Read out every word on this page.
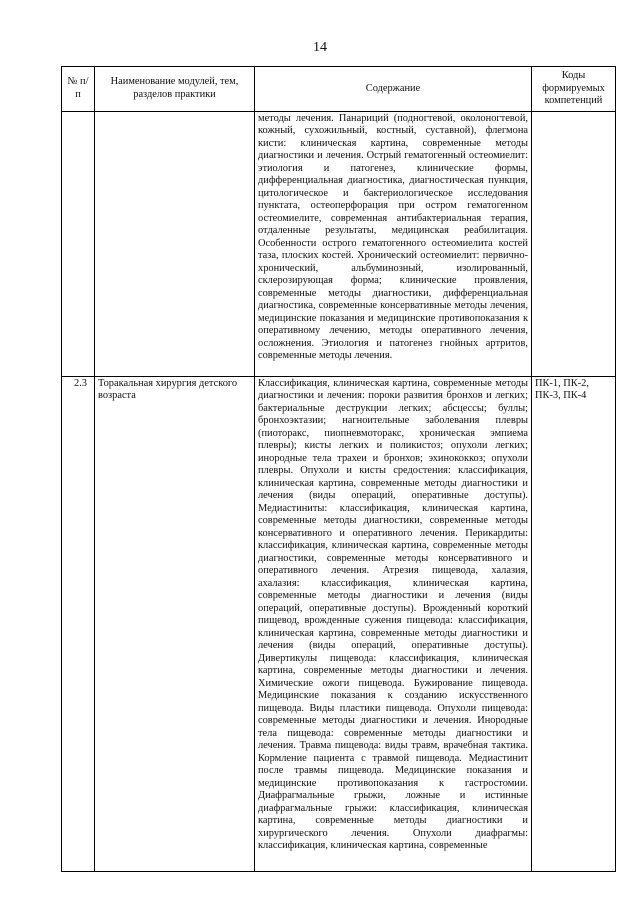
14
№ п/п	Наименование модулей, тем, разделов практики	Содержание	Коды формируемых компетенций
		методы лечения. Панариций (подногтевой, околоногтевой, кожный, сухожильный, костный, суставной), флегмона кисти: клиническая картина, современные методы диагностики и лечения. Острый гематогенный остеомиелит: этиология и патогенез, клинические формы, дифференциальная диагностика, диагностическая пункция, цитологическое и бактериологическое исследования пунктата, остеоперфорация при остром гематогенном остеомиелите, современная антибактериальная терапия, отдаленные результаты, медицинская реабилитация. Особенности острого гематогенного остеомиелита костей таза, плоских костей. Хронический остеомиелит: первично-хронический, альбуминозный, изолированный, склерозирующая форма; клинические проявления, современные методы диагностики, дифференциальная диагностика, современные консервативные методы лечения, медицинские показания и медицинские противопоказания к оперативному лечению, методы оперативного лечения, осложнения. Этиология и патогенез гнойных артритов, современные методы лечения.	
2.3	Торакальная хирургия детского возраста	Классификация, клиническая картина, современные методы диагностики и лечения: пороки развития бронхов и легких; бактериальные деструкции легких; абсцессы; буллы; бронхоэктазии; нагноительные заболевания плевры (пиоторакс, пиопневмоторакс, хроническая эмпиема плевры); кисты легких и поликистоз; опухоли легких; инородные тела трахеи и бронхов; эхинококкоз; опухоли плевры. Опухоли и кисты средостения: классификация, клиническая картина, современные методы диагностики и лечения (виды операций, оперативные доступы). Медиастиниты: классификация, клиническая картина, современные методы диагностики, современные методы консервативного и оперативного лечения. Перикардиты: классификация, клиническая картина, современные методы диагностики, современные методы консервативного и оперативного лечения. Атрезия пищевода, халазия, ахалазия: классификация, клиническая картина, современные методы диагностики и лечения (виды операций, оперативные доступы). Врожденный короткий пищевод, врожденные сужения пищевода: классификация, клиническая картина, современные методы диагностики и лечения (виды операций, оперативные доступы). Дивертикулы пищевода: классификация, клиническая картина, современные методы диагностики и лечения. Химические ожоги пищевода. Бужирование пищевода. Медицинские показания к созданию искусственного пищевода. Виды пластики пищевода. Опухоли пищевода: современные методы диагностики и лечения. Инородные тела пищевода: современные методы диагностики и лечения. Травма пищевода: виды травм, врачебная тактика. Кормление пациента с травмой пищевода. Медиастинит после травмы пищевода. Медицинские показания и медицинские противопоказания к гастростомии. Диафрагмальные грыжи, ложные и истинные диафрагмальные грыжи: классификация, клиническая картина, современные методы диагностики и хирургического лечения. Опухоли диафрагмы: классификация, клиническая картина, современные	ПК-1, ПК-2, ПК-3, ПК-4
